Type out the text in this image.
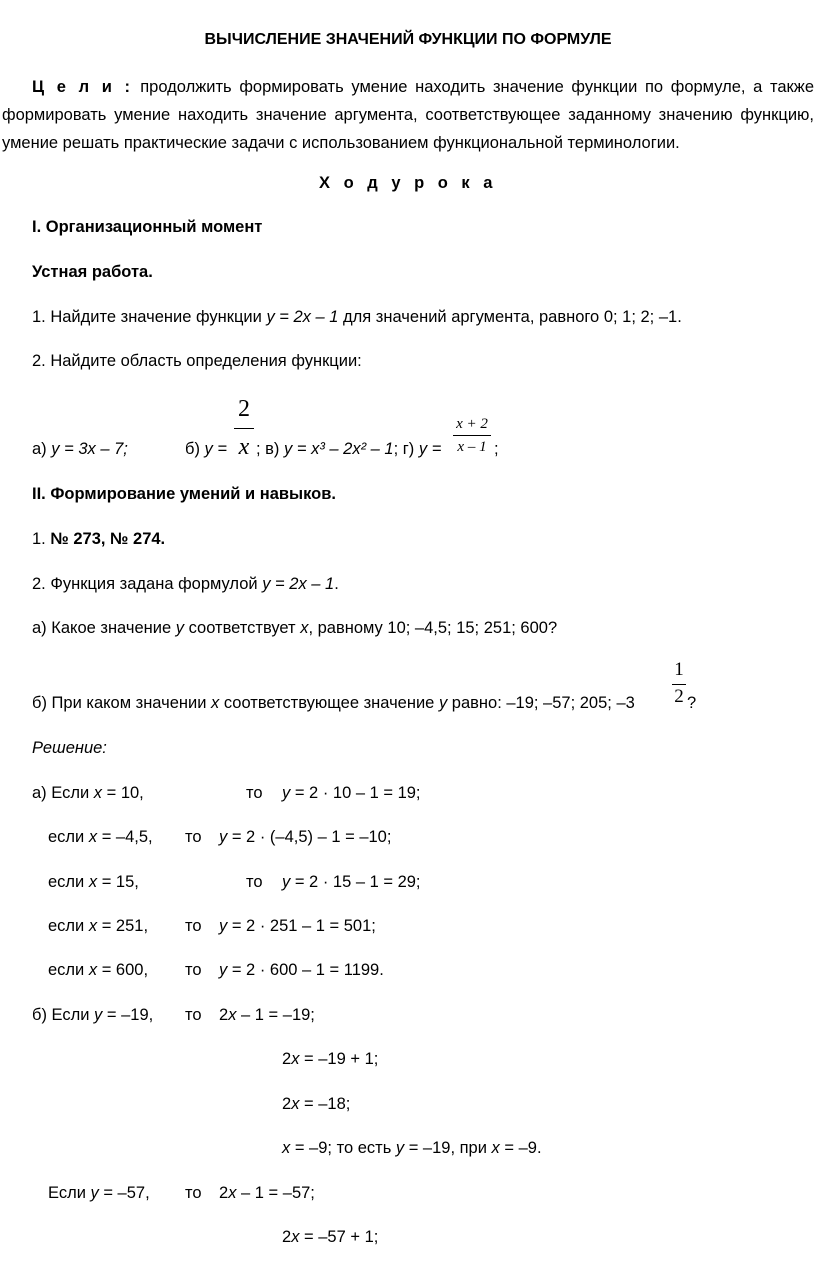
ВЫЧИСЛЕНИЕ ЗНАЧЕНИЙ ФУНКЦИИ ПО ФОРМУЛЕ
Ц е л и : продолжить формировать умение находить значение функции по формуле, а также формировать умение находить значение аргумента, соответствующее заданному значению функцию, умение решать практические задачи с использованием функциональной терминологии.
Х о д у р о к а
I. Организационный момент
Устная работа.
1. Найдите значение функции y = 2x – 1 для значений аргумента, равного 0; 1; 2; –1.
2. Найдите область определения функции:
а) y = 3x – 7;	б) y =
2
x ; в) y = x³ – 2x² – 1; г) y =
x + 2
x – 1 ;
II. Формирование умений и навыков.
1. № 273, № 274.
2. Функция задана формулой y = 2x – 1.
а) Какое значение y соответствует x, равному 10; –4,5; 15; 251; 600?
б) При каком значении x соответствующее значение y равно: –19; –57; 205; –3
1
2 ?
Решение:
а) Если x = 10,	то y = 2 · 10 – 1 = 19;
если x = –4,5, то y = 2 · (–4,5) – 1 = –10;
если x = 15,	то y = 2 · 15 – 1 = 29;
если x = 251, то y = 2 · 251 – 1 = 501;
если x = 600, то y = 2 · 600 – 1 = 1199.
б) Если y = –19, то 2x – 1 = –19;
2x = –19 + 1;
2x = –18;
x = –9; то есть y = –19, при x = –9.
Если y = –57, то 2x – 1 = –57;
2x = –57 + 1;
